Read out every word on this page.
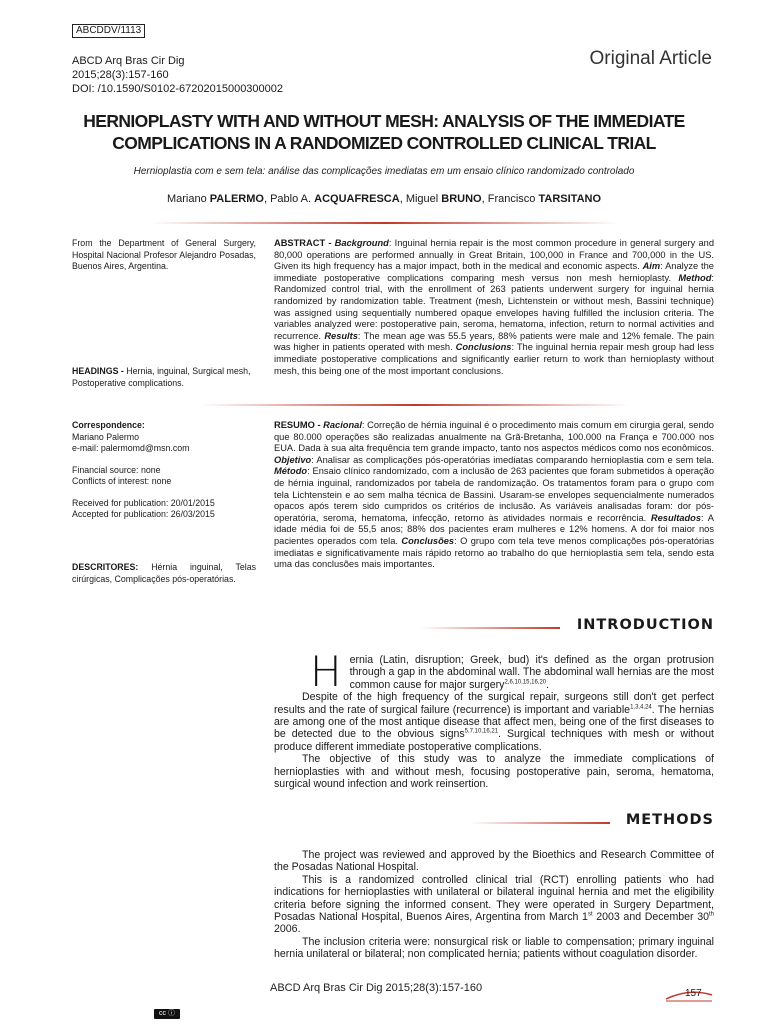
ABCDDV/1113
ABCD Arq Bras Cir Dig
2015;28(3):157-160
DOI: /10.1590/S0102-67202015000300002
Original Article
HERNIOPLASTY WITH AND WITHOUT MESH: ANALYSIS OF THE IMMEDIATE
COMPLICATIONS IN A RANDOMIZED CONTROLLED CLINICAL TRIAL
Hernioplastia com e sem tela: análise das complicações imediatas em um ensaio clínico randomizado controlado
Mariano PALERMO, Pablo A. ACQUAFRESCA, Miguel BRUNO, Francisco TARSITANO
From the Department of General Surgery, Hospital Nacional Profesor Alejandro Posadas, Buenos Aires, Argentina.
HEADINGS - Hernia, inguinal, Surgical mesh, Postoperative complications.
ABSTRACT - Background: Inguinal hernia repair is the most common procedure in general surgery and 80,000 operations are performed annually in Great Britain, 100,000 in France and 700,000 in the US. Given its high frequency has a major impact, both in the medical and economic aspects. Aim: Analyze the immediate postoperative complications comparing mesh versus non mesh hernioplasty. Method: Randomized control trial, with the enrollment of 263 patients underwent surgery for inguinal hernia randomized by randomization table. Treatment (mesh, Lichtenstein or without mesh, Bassini technique) was assigned using sequentially numbered opaque envelopes having fulfilled the inclusion criteria. The variables analyzed were: postoperative pain, seroma, hematoma, infection, return to normal activities and recurrence. Results: The mean age was 55.5 years, 88% patients were male and 12% female. The pain was higher in patients operated with mesh. Conclusions: The inguinal hernia repair mesh group had less immediate postoperative complications and significantly earlier return to work than hernioplasty without mesh, this being one of the most important conclusions.

Correspondence:

Mariano Palermo

e-mail: palermomd@msn.com

Financial source: none

Conflicts of interest: none

Received for publication: 20/01/2015

Accepted for publication: 26/03/2015

DESCRITORES: Hérnia inguinal, Telas cirúrgicas, Complicações pós-operatórias.
RESUMO - Racional: Correção de hérnia inguinal é o procedimento mais comum em cirurgia geral, sendo que 80.000 operações são realizadas anualmente na Grã-Bretanha, 100.000 na França e 700.000 nos EUA. Dada à sua alta frequência tem grande impacto, tanto nos aspectos médicos como nos econômicos. Objetivo: Analisar as complicações pós-operatórias imediatas comparando hernioplastia com e sem tela. Método: Ensaio clínico randomizado, com a inclusão de 263 pacientes que foram submetidos à operação de hérnia inguinal, randomizados por tabela de randomização. Os tratamentos foram para o grupo com tela Lichtenstein e ao sem malha técnica de Bassini. Usaram-se envelopes sequencialmente numerados opacos após terem sido cumpridos os critérios de inclusão. As variáveis analisadas foram: dor pós-operatória, seroma, hematoma, infecção, retorno às atividades normais e recorrência. Resultados: A idade média foi de 55,5 anos; 88% dos pacientes eram mulheres e 12% homens. A dor foi maior nos pacientes operados com tela. Conclusões: O grupo com tela teve menos complicações pós-operatórias imediatas e significativamente mais rápido retorno ao trabalho do que hernioplastia sem tela, sendo esta uma das conclusões mais importantes.
INTRODUCTION
H ernia (Latin, disruption; Greek, bud) it's defined as the organ protrusion through a gap in the abdominal wall. The abdominal wall hernias are the most common cause for major surgery$^{2,6,10,15,16,20}$.

Despite of the high frequency of the surgical repair, surgeons still don't get perfect results and the rate of surgical failure (recurrence) is important and variable$^{1,3,4,24}$. The hernias are among one of the most antique disease that affect men, being one of the first diseases to be detected due to the obvious signs$^{5,7,10,16,21}$. Surgical techniques with mesh or without produce different immediate postoperative complications.

The objective of this study was to analyze the immediate complications of hernioplasties with and without mesh, focusing postoperative pain, seroma, hematoma, surgical wound infection and work reinsertion.

METHODS

The project was reviewed and approved by the Bioethics and Research Committee of the Posadas National Hospital.

This is a randomized controlled clinical trial (RCT) enrolling patients who had indications for hernioplasties with unilateral or bilateral inguinal hernia and met the eligibility criteria before signing the informed consent. They were operated in Surgery Department, Posadas National Hospital, Buenos Aires, Argentina from March 1st 2003 and December 30th 2006.

The inclusion criteria were: nonsurgical risk or liable to compensation; primary inguinal hernia unilateral or bilateral; non complicated hernia; patients without coagulation disorder.

ABCD Arq Bras Cir Dig 2015;28(3):157-160	157
cc ⓘ
